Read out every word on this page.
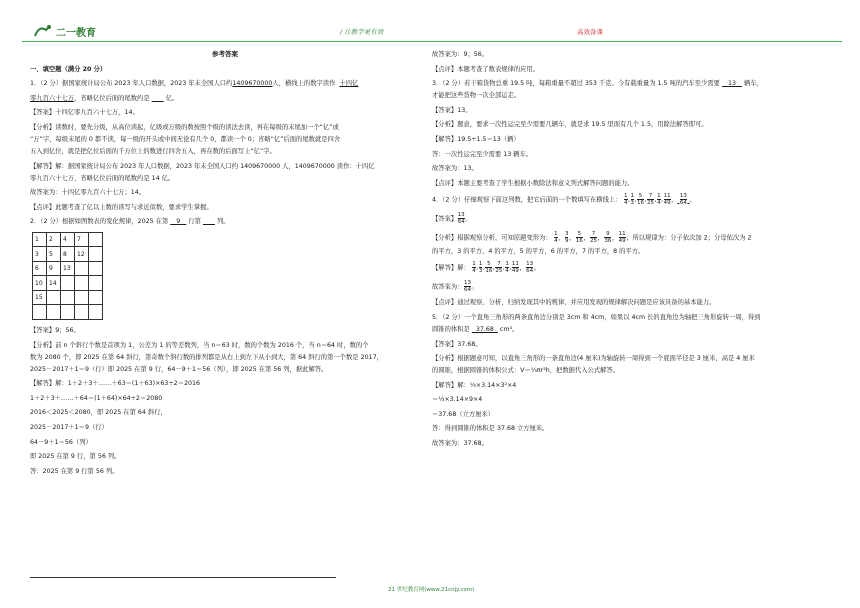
二一教育	/ 让教学更有效	高效备课
参考答案
一、填空题（满分 20 分）
1．（2 分）据国家统计局公布 2023 年人口数据，2023 年末全国人口约1409670000人，横线上的数字读作 十四亿
零九百六十七万，省略亿位后面的尾数约是	亿。
【答案】十四亿零九百六十七万，14。
【分析】读数时，要先分级，从高位读起，亿级或万级的数按照个级的读法去读，再在每级的末尾加一个“亿”或
“万”字，每级末尾的 0 都不读，每一级的开头或中间无论有几个 0，都读一个 0；省略“亿”后面的尾数就是四舍
五入到亿位，就是把亿位后面的千万位上的数进行四舍五入，再在数的后面写上“亿”字。
【解答】解：据国家统计局公布 2023 年人口数据，2023 年末全国人口约 1409670000 人，1409670000 读作：十四亿
零九百六十七万，省略亿位后面的尾数约是 14 亿。
故答案为：十四亿零九百六十七万；14。
【点评】此题考查了亿以上数的读写与求近似数，要求学生掌握。
2．（2 分）根据如图数表的变化规律，2025 在第 9 行第	列。
1	2	4	7	
3	5	8	12	
6	9	13		
10	14			
15				

【答案】9；56。
【分析】前 n 个斜行个数是首项为 1，公差为 1 的等差数列，当 n＝63 时，数的个数为 2016 个，当 n＝64 时，数的个
数为 2080 个，即 2025 在第 64 斜行，第奇数个斜行数的排列都是从右上到左下从小到大，第 64 斜行的第一个数是 2017，
2025－2017＋1＝9（行）即 2025 在第 9 行，64－9＋1＝56（列），即 2025 在第 56 列，据此解答。
【解答】解：1＋2＋3＋……＋63＝(1＋63)×63÷2＝2016
1＋2＋3＋……＋64＝(1＋64)×64÷2＝2080
2016＜2025＜2080，即 2025 在第 64 斜行，
2025－2017＋1＝9（行）
64－9＋1＝56（列）
即 2025 在第 9 行，第 56 列。
答：2025 在第 9 行第 56 列。
故答案为：9；56。
【点评】本题考查了数表规律的应用。
3．（2 分）若干箱货物总重 19.5 吨，每箱重量不超过 353 千克。今有载重量为 1.5 吨的汽车至少需要 13 辆车，
才能把这些货物一次全部运走。
【答案】13。
【分析】题意，要求一次性运完至少需要几辆车，就是求 19.5 里面有几个 1.5，用除法解答即可。
【解答】19.5÷1.5＝13（辆）
答：一次性运完至少需要 13 辆车。
故答案为：13。
【点评】本题主要考查了学生根据小数除法和意义列式解答问题的能力。
4．（2 分）仔细观察下面这列数，把它后面的一个数填写在横线上： $\frac{1}{4}$ , $\frac{1}{3}$ , $\frac{5}{16}$ , $\frac{7}{25}$ , $\frac{1}{4}$ , $\frac{11}{49}$ ， $\frac{13}{64}$ 。
【答案】 $\frac{13}{64}$ 。
【分析】根据观察分析，可知原题变形为： $\frac{1}{4}$ ， $\frac{3}{9}$ ， $\frac{5}{16}$ ， $\frac{7}{25}$ ， $\frac{9}{36}$ ， $\frac{11}{49}$ ；所以规律为：分子依次加 2；分母依次为 2
的平方，3 的平方，4 的平方，5 的平方，6 的平方，7 的平方，8 的平方。
【解答】解： $\frac{1}{4}$ , $\frac{1}{3}$ , $\frac{5}{16}$ , $\frac{7}{25}$ , $\frac{1}{4}$ , $\frac{11}{49}$ ， $\frac{13}{64}$ 。
故答案为： $\frac{13}{64}$ 。
【点评】通过观察、分析、归纳发现其中的规律，并应用发现的规律解决问题是应该具备的基本能力。
5．（2 分）一个直角三角形的两条直角边分别是 3cm 和 4cm，如果以 4cm 长的直角边为轴把三角形旋转一周，得到
圆锥的体积是 37.68 cm³。
【答案】37.68。
【分析】根据题意可知，以直角三角形的一条直角边(4 厘米)为轴旋转一周得到一个底面半径是 3 厘米，高是 4 厘米
的圆锥，根据圆锥的体积公式：V＝⅓πr²h，把数据代入公式解答。
【解答】解：⅓×3.14×3²×4
＝⅓×3.14×9×4
＝37.68（立方厘米）
答：得到圆锥的体积是 37.68 立方厘米。
故答案为：37.68。
21 世纪教育网(www.21cnjy.com)
